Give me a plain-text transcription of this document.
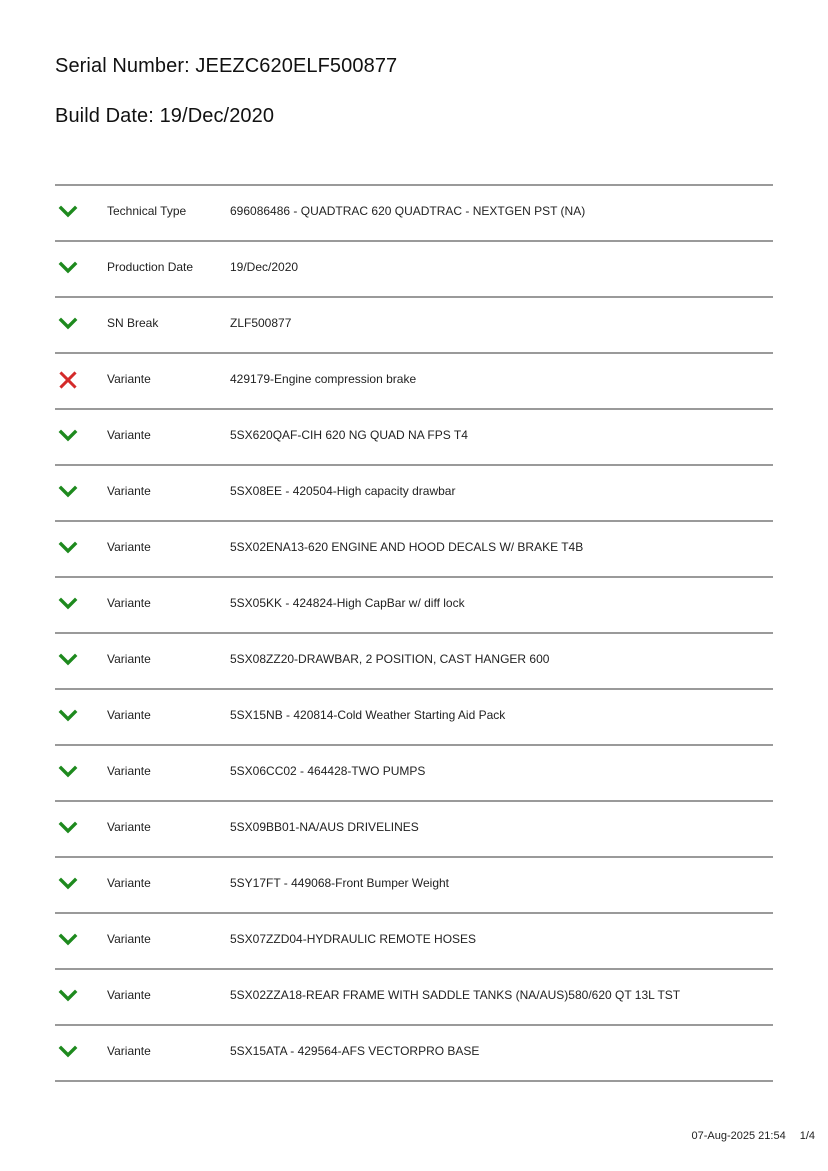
Serial Number: JEEZC620ELF500877
Build Date: 19/Dec/2020
Technical Type	696086486 - QUADTRAC 620 QUADTRAC - NEXTGEN PST (NA)
Production Date	19/Dec/2020
SN Break	ZLF500877
Variante	429179-Engine compression brake
Variante	5SX620QAF-CIH 620 NG QUAD NA FPS T4
Variante	5SX08EE - 420504-High capacity drawbar
Variante	5SX02ENA13-620 ENGINE AND HOOD DECALS W/ BRAKE T4B
Variante	5SX05KK - 424824-High CapBar w/ diff lock
Variante	5SX08ZZ20-DRAWBAR, 2 POSITION, CAST HANGER 600
Variante	5SX15NB - 420814-Cold Weather Starting Aid Pack
Variante	5SX06CC02 - 464428-TWO PUMPS
Variante	5SX09BB01-NA/AUS DRIVELINES
Variante	5SY17FT - 449068-Front Bumper Weight
Variante	5SX07ZZD04-HYDRAULIC REMOTE HOSES
Variante	5SX02ZZA18-REAR FRAME WITH SADDLE TANKS (NA/AUS)580/620 QT 13L TST
Variante	5SX15ATA - 429564-AFS VECTORPRO BASE
07-Aug-2025 21:54 1/4
